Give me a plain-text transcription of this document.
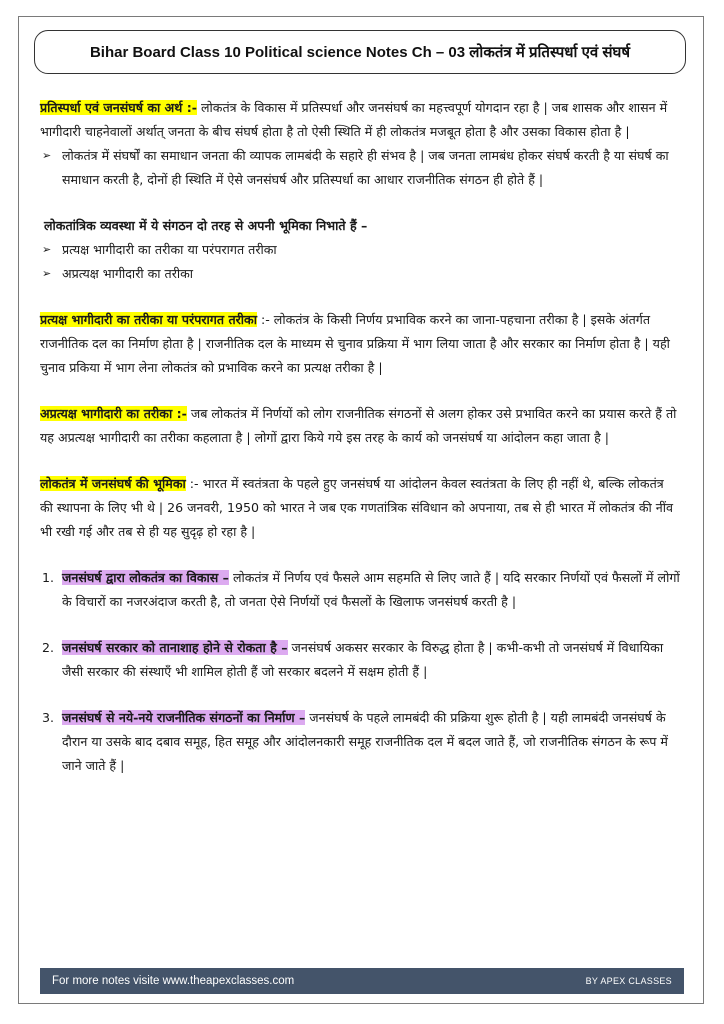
Bihar Board Class 10 Political science Notes Ch – 03 लोकतंत्र में प्रतिस्पर्धा एवं संघर्ष

प्रतिस्पर्धा एवं जनसंघर्ष का अर्थ :- लोकतंत्र के विकास में प्रतिस्पर्धा और जनसंघर्ष का महत्त्वपूर्ण योगदान रहा है | जब शासक और शासन में भागीदारी चाहनेवालों अर्थात् जनता के बीच संघर्ष होता है तो ऐसी स्थिति में ही लोकतंत्र मजबूत होता है और उसका विकास होता है |

➢ लोकतंत्र में संघर्षों का समाधान जनता की व्यापक लामबंदी के सहारे ही संभव है | जब जनता लामबंध होकर संघर्ष करती है या संघर्ष का समाधान करती है, दोनों ही स्थिति में ऐसे जनसंघर्ष और प्रतिस्पर्धा का आधार राजनीतिक संगठन ही होते हैं |

लोकतांत्रिक व्यवस्था में ये संगठन दो तरह से अपनी भूमिका निभाते हैं –

➢ प्रत्यक्ष भागीदारी का तरीका या परंपरागत तरीका
➢ अप्रत्यक्ष भागीदारी का तरीका

प्रत्यक्ष भागीदारी का तरीका या परंपरागत तरीका :- लोकतंत्र के किसी निर्णय प्रभाविक करने का जाना-पहचाना तरीका है | इसके अंतर्गत राजनीतिक दल का निर्माण होता है | राजनीतिक दल के माध्यम से चुनाव प्रक्रिया में भाग लिया जाता है और सरकार का निर्माण होता है | यही चुनाव प्रकिया में भाग लेना लोकतंत्र को प्रभाविक करने का प्रत्यक्ष तरीका है |

अप्रत्यक्ष भागीदारी का तरीका :- जब लोकतंत्र में निर्णयों को लोग राजनीतिक संगठनों से अलग होकर उसे प्रभावित करने का प्रयास करते हैं तो यह अप्रत्यक्ष भागीदारी का तरीका कहलाता है | लोगों द्वारा किये गये इस तरह के कार्य को जनसंघर्ष या आंदोलन कहा जाता है |

लोकतंत्र में जनसंघर्ष की भूमिका :- भारत में स्वतंत्रता के पहले हुए जनसंघर्ष या आंदोलन केवल स्वतंत्रता के लिए ही नहीं थे, बल्कि लोकतंत्र की स्थापना के लिए भी थे | 26 जनवरी, 1950 को भारत ने जब एक गणतांत्रिक संविधान को अपनाया, तब से ही भारत में लोकतंत्र की नींव भी रखी गई और तब से ही यह सुदृढ़ हो रहा है |

1. जनसंघर्ष द्वारा लोकतंत्र का विकास – लोकतंत्र में निर्णय एवं फैसले आम सहमति से लिए जाते हैं | यदि सरकार निर्णयों एवं फैसलों में लोगों के विचारों का नजरअंदाज करती है, तो जनता ऐसे निर्णयों एवं फैसलों के खिलाफ जनसंघर्ष करती है |

2. जनसंघर्ष सरकार को तानाशाह होने से रोकता है – जनसंघर्ष अकसर सरकार के विरुद्ध होता है | कभी-कभी तो जनसंघर्ष में विधायिका जैसी सरकार की संस्थाएँ भी शामिल होती हैं जो सरकार बदलने में सक्षम होती हैं |

3. जनसंघर्ष से नये-नये राजनीतिक संगठनों का निर्माण – जनसंघर्ष के पहले लामबंदी की प्रक्रिया शुरू होती है | यही लामबंदी जनसंघर्ष के दौरान या उसके बाद दबाव समूह, हित समूह और आंदोलनकारी समूह राजनीतिक दल में बदल जाते हैं, जो राजनीतिक संगठन के रूप में जाने जाते हैं |

For more notes visite www.theapexclasses.com	BY APEX CLASSES
